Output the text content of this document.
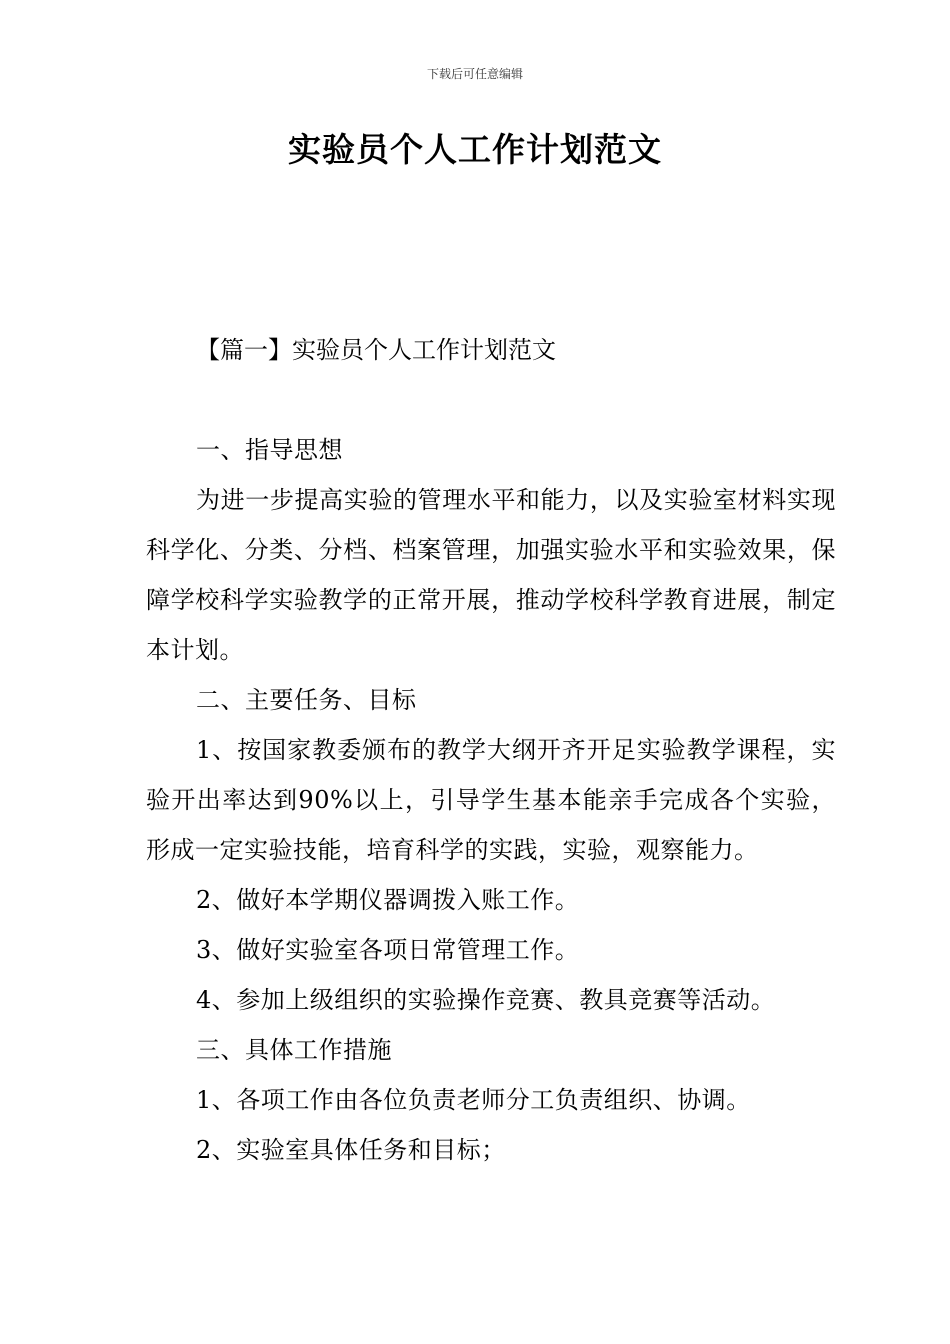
下载后可任意编辑
实验员个人工作计划范文
【篇一】实验员个人工作计划范文

一、指导思想

为进一步提高实验的管理水平和能力，以及实验室材料实现科学化、分类、分档、档案管理，加强实验水平和实验效果，保障学校科学实验教学的正常开展，推动学校科学教育进展，制定本计划。

二、主要任务、目标

1、按国家教委颁布的教学大纲开齐开足实验教学课程，实验开出率达到90%以上，引导学生基本能亲手完成各个实验，形成一定实验技能，培育科学的实践，实验，观察能力。

2、做好本学期仪器调拨入账工作。

3、做好实验室各项日常管理工作。

4、参加上级组织的实验操作竞赛、教具竞赛等活动。

三、具体工作措施

1、各项工作由各位负责老师分工负责组织、协调。

2、实验室具体任务和目标；
